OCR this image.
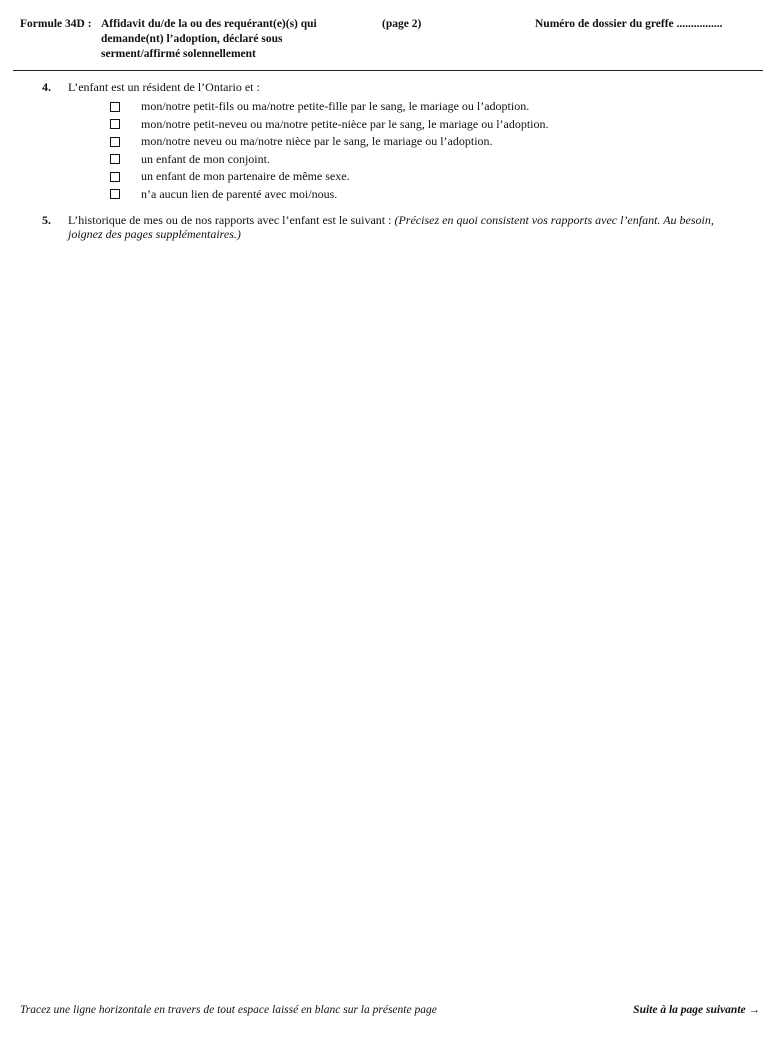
Formule 34D : Affidavit du/de la ou des requérant(e)(s) qui
demande(nt) l’adoption, déclaré sous
serment/affirmé solennellement
(page 2)	Numéro de dossier du greffe ................
4. L’enfant est un résident de l’Ontario et :
mon/notre petit-fils ou ma/notre petite-fille par le sang, le mariage ou l’adoption.
mon/notre petit-neveu ou ma/notre petite-nièce par le sang, le mariage ou l’adoption.
mon/notre neveu ou ma/notre nièce par le sang, le mariage ou l’adoption.
un enfant de mon conjoint.
un enfant de mon partenaire de même sexe.
n’a aucun lien de parenté avec moi/nous.
5. L’historique de mes ou de nos rapports avec l’enfant est le suivant : (Précisez en quoi consistent vos rapports avec l’enfant. Au besoin, joignez des pages supplémentaires.)
Tracez une ligne horizontale en travers de tout espace laissé en blanc sur la présente page	Suite à la page suivante →
